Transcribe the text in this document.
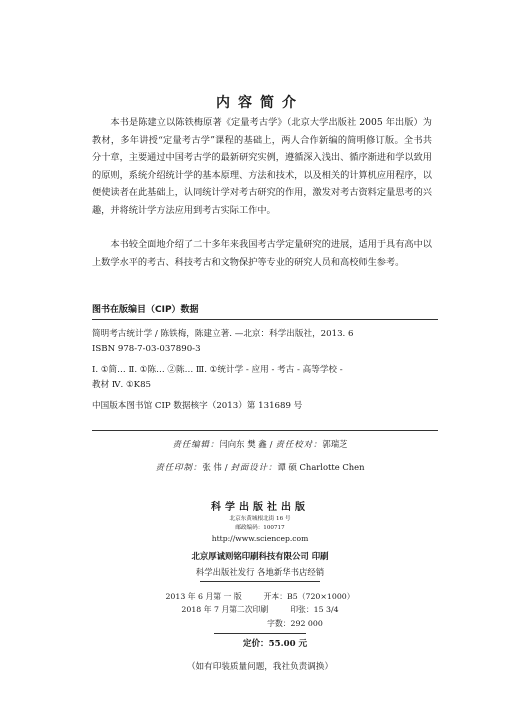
内容简介

本书是陈建立以陈铁梅原著《定量考古学》（北京大学出版社 2005 年出版）为教材，多年讲授“定量考古学”课程的基础上，两人合作新编的简明修订版。全书共分十章，主要通过中国考古学的最新研究实例，遵循深入浅出、循序渐进和学以致用的原则，系统介绍统计学的基本原理、方法和技术，以及相关的计算机应用程序，以便使读者在此基础上，认同统计学对考古研究的作用，激发对考古资料定量思考的兴趣，并将统计学方法应用到考古实际工作中。

本书较全面地介绍了二十多年来我国考古学定量研究的进展，适用于具有高中以上数学水平的考古、科技考古和文物保护等专业的研究人员和高校师生参考。

图书在版编目（CIP）数据
简明考古统计学 / 陈铁梅，陈建立著. —北京：科学出版社，2013. 6
ISBN 978-7-03-037890-3
Ⅰ. ①简… Ⅱ. ①陈… ②陈… Ⅲ. ①统计学 - 应用 - 考古 - 高等学校 -
教材 Ⅳ. ①K85
中国版本图书馆 CIP 数据核字（2013）第 131689 号
责任编辑：闫向东 樊 鑫 / 责任校对：郭瑞芝
责任印制：张 伟 / 封面设计：谭 硕 Charlotte Chen
科学出版社出版
北京东黄城根北街 16 号
邮政编码：100717
http://www.sciencep.com
北京厚诚则铭印刷科技有限公司 印刷
科学出版社发行 各地新华书店经销
2013 年 6 月第 一 版	开本：B5（720×1000）
2018 年 7 月第二次印刷	印张：15 3/4
字数：292 000
定价：55.00 元
（如有印装质量问题，我社负责调换）
